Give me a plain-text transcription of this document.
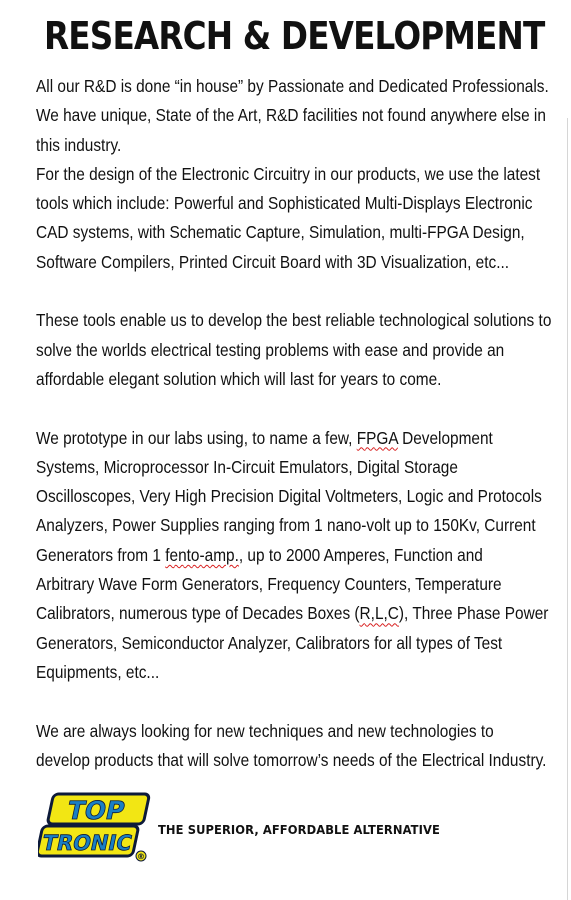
RESEARCH & DEVELOPMENT

All our R&D is done “in house” by Passionate and Dedicated Professionals.
We have unique, State of the Art, R&D facilities not found anywhere else in
this industry.
For the design of the Electronic Circuitry in our products, we use the latest
tools which include: Powerful and Sophisticated Multi-Displays Electronic
CAD systems, with Schematic Capture, Simulation, multi-FPGA Design,
Software Compilers, Printed Circuit Board with 3D Visualization, etc...

These tools enable us to develop the best reliable technological solutions to
solve the worlds electrical testing problems with ease and provide an
affordable elegant solution which will last for years to come.

We prototype in our labs using, to name a few, FPGA Development
Systems, Microprocessor In-Circuit Emulators, Digital Storage
Oscilloscopes, Very High Precision Digital Voltmeters, Logic and Protocols
Analyzers, Power Supplies ranging from 1 nano-volt up to 150Kv, Current
Generators from 1 fento-amp., up to 2000 Amperes, Function and
Arbitrary Wave Form Generators, Frequency Counters, Temperature
Calibrators, numerous type of Decades Boxes (R,L,C), Three Phase Power
Generators, Semiconductor Analyzer, Calibrators for all types of Test
Equipments, etc...

We are always looking for new techniques and new technologies to
develop products that will solve tomorrow’s needs of the Electrical Industry.

TOP
TRONIC
®
THE SUPERIOR, AFFORDABLE ALTERNATIVE
